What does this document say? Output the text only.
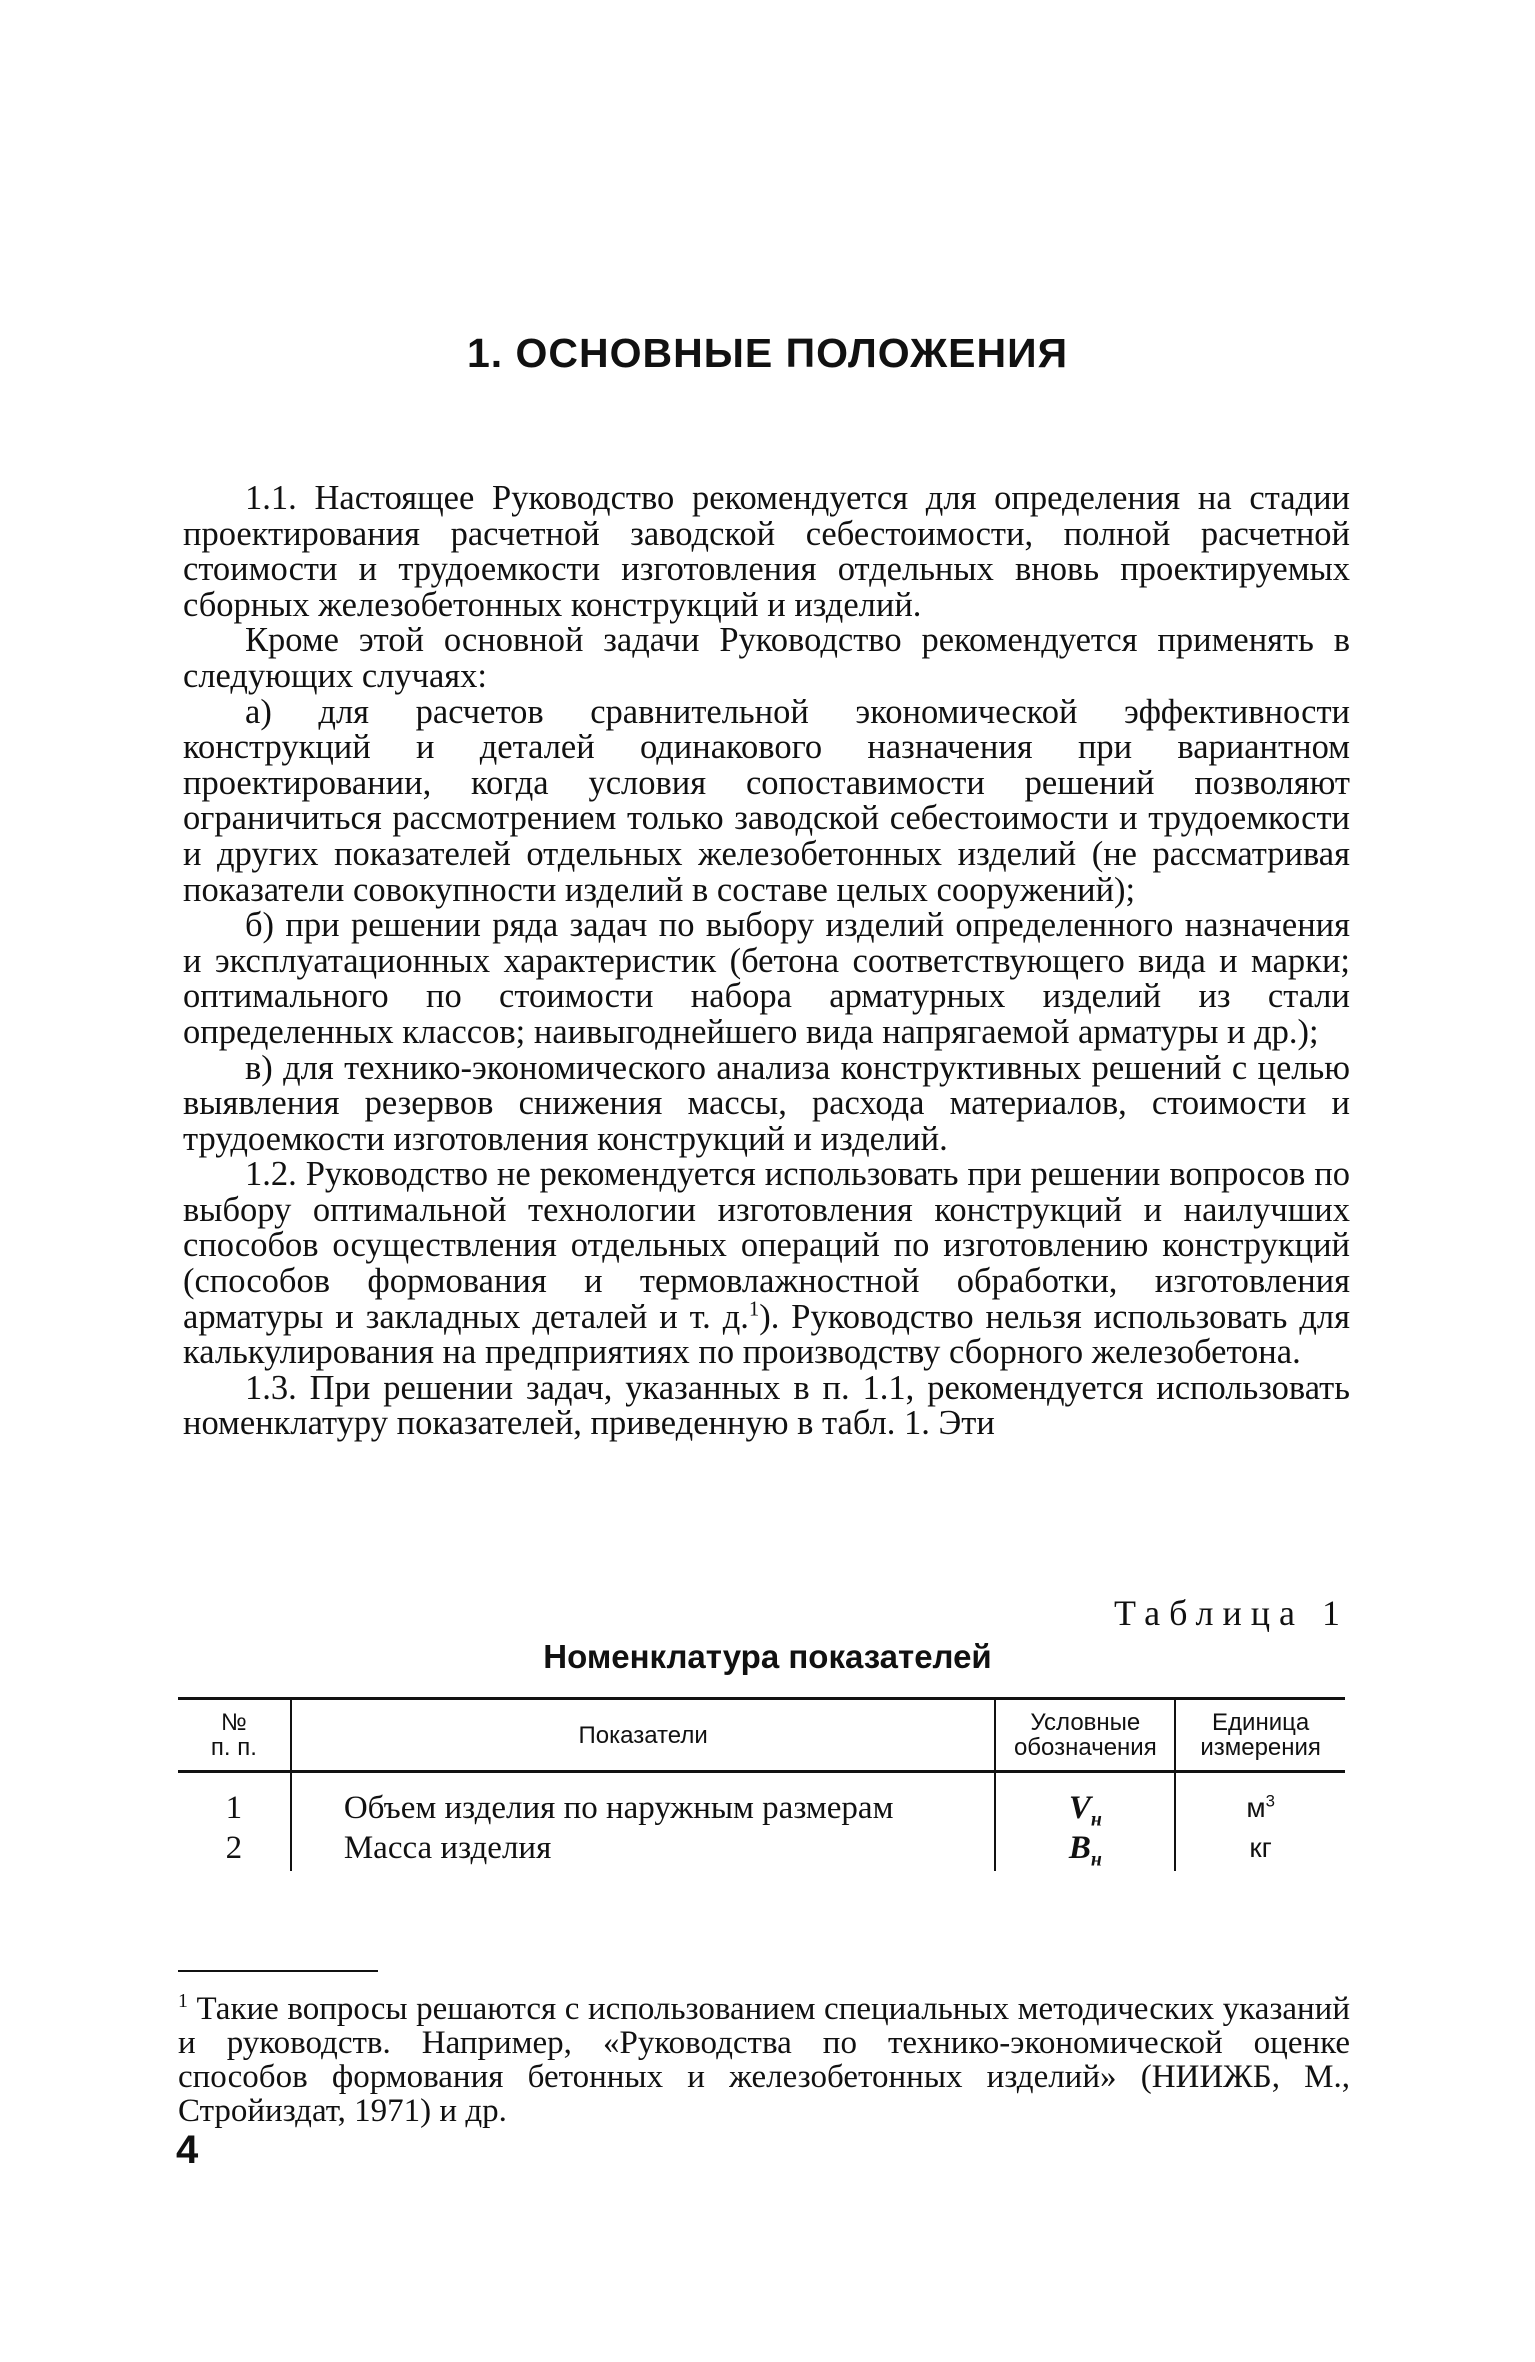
1. ОСНОВНЫЕ ПОЛОЖЕНИЯ

1.1. Настоящее Руководство рекомендуется для определения на стадии проектирования расчетной заводской себестоимости, полной расчетной стоимости и трудоемкости изготовления отдельных вновь проектируемых сборных железобетонных конструкций и изделий.

Кроме этой основной задачи Руководство рекомендуется применять в следующих случаях:

а) для расчетов сравнительной экономической эффективности конструкций и деталей одинакового назначения при вариантном проектировании, когда условия сопоставимости решений позволяют ограничиться рассмотрением только заводской себестоимости и трудоемкости и других показателей отдельных железобетонных изделий (не рассматривая показатели совокупности изделий в составе целых сооружений);

б) при решении ряда задач по выбору изделий определенного назначения и эксплуатационных характеристик (бетона соответствующего вида и марки; оптимального по стоимости набора арматурных изделий из стали определенных классов; наивыгоднейшего вида напрягаемой арматуры и др.);

в) для технико-экономического анализа конструктивных решений с целью выявления резервов снижения массы, расхода материалов, стоимости и трудоемкости изготовления конструкций и изделий.

1.2. Руководство не рекомендуется использовать при решении вопросов по выбору оптимальной технологии изготовления конструкций и наилучших способов осуществления отдельных операций по изготовлению конструкций (способов формования и термовлажностной обработки, изготовления арматуры и закладных деталей и т. д.$^1$). Руководство нельзя использовать для калькулирования на предприятиях по производству сборного железобетона.

1.3. При решении задач, указанных в п. 1.1, рекомендуется использовать номенклатуру показателей, приведенную в табл. 1. Эти

Таблица 1
Номенклатура показателей
№
п. п.	Показатели	Условные обозначения	Единица измерения
1	Объем изделия по наружным размерам	$V_н$	$м^3$
2	Масса изделия	$B_н$	кг
$^1$ Такие вопросы решаются с использованием специальных методических указаний и руководств. Например, «Руководства по технико-экономической оценке способов формования бетонных и железобетонных изделий» (НИИЖБ, М., Стройиздат, 1971) и др.
4
